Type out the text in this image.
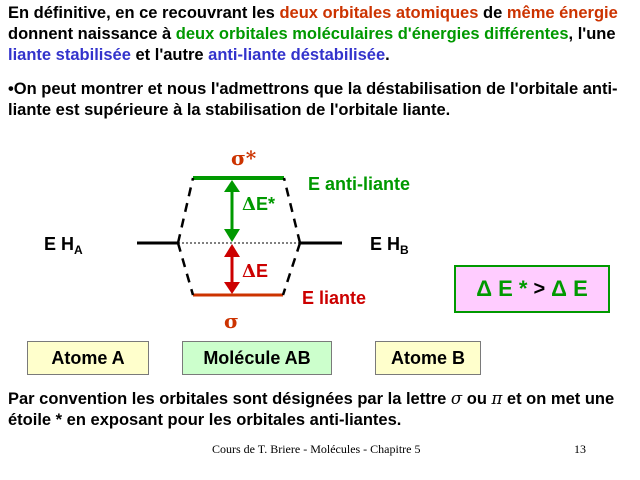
En définitive, en ce recouvrant les deux orbitales atomiques de même énergie donnent naissance à deux orbitales moléculaires d'énergies différentes, l'une liante stabilisée et l'autre anti-liante déstabilisée.
•On peut montrer et nous l'admettrons que la déstabilisation de l'orbitale anti-liante est supérieure à la stabilisation de l'orbitale liante.
σ*
E anti-liante
ΔE*
ΔE
E $H_A$	E $H_B$
E liante
σ
Δ E * > Δ E
Atome A	Molécule AB	Atome B
Par convention les orbitales sont désignées par la lettre σ ou π et on met une étoile * en exposant pour les orbitales anti-liantes.
Cours de T. Briere - Molécules - Chapitre 5	13
